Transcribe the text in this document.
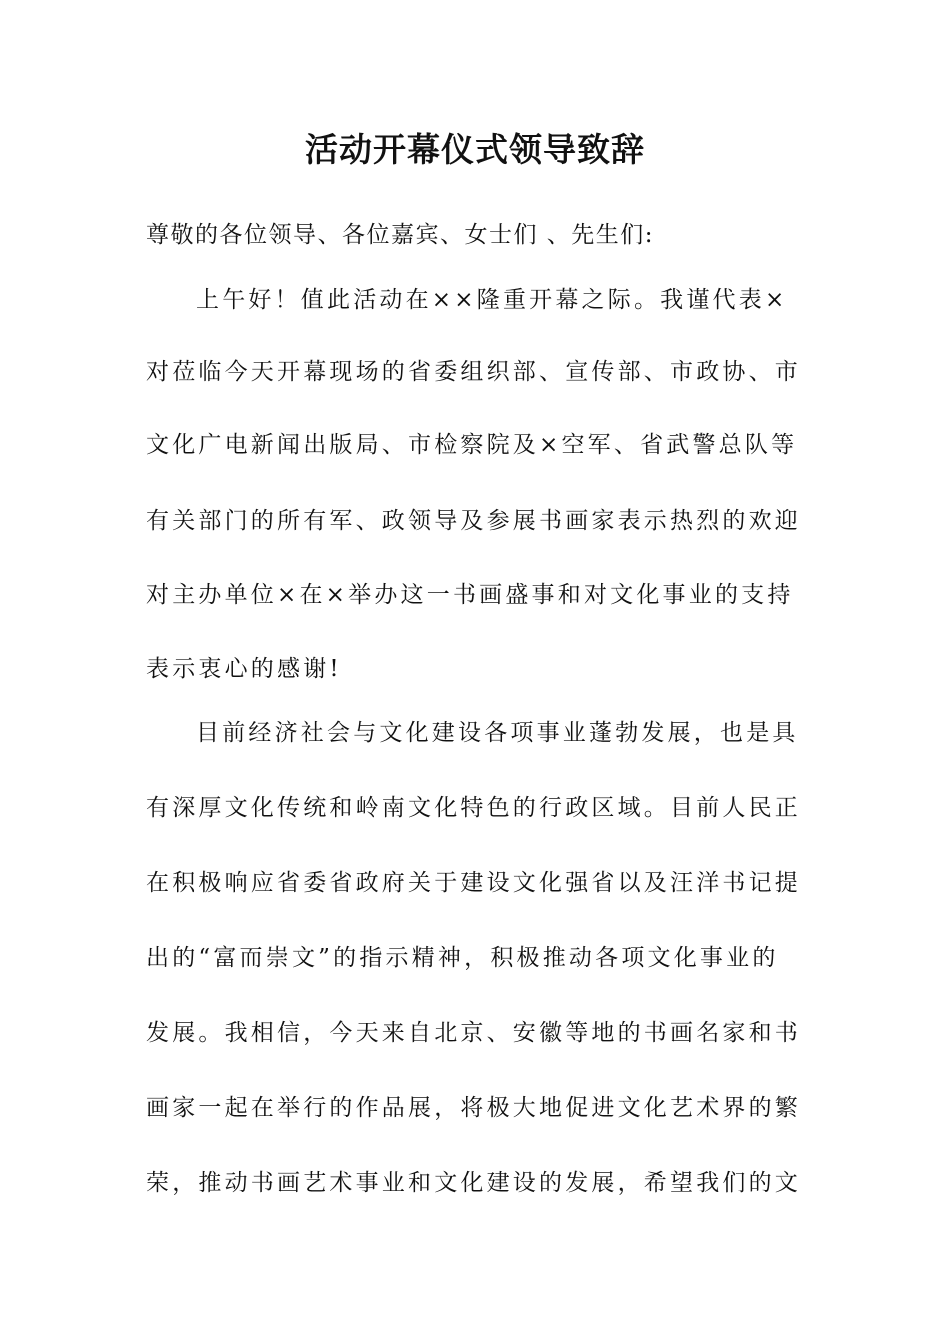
活动开幕仪式领导致辞

尊敬的各位领导、各位嘉宾、女士们 、先生们:

上午好！值此活动在××隆重开幕之际。我谨代表×

对莅临今天开幕现场的省委组织部、宣传部、市政协、市

文化广电新闻出版局、市检察院及×空军、省武警总队等

有关部门的所有军、政领导及参展书画家表示热烈的欢迎

对主办单位×在×举办这一书画盛事和对文化事业的支持

表示衷心的感谢!

目前经济社会与文化建设各项事业蓬勃发展，也是具

有深厚文化传统和岭南文化特色的行政区域。目前人民正

在积极响应省委省政府关于建设文化强省以及汪洋书记提

出的“富而崇文”的指示精神，积极推动各项文化事业的

发展。我相信，今天来自北京、安徽等地的书画名家和书

画家一起在举行的作品展，将极大地促进文化艺术界的繁

荣，推动书画艺术事业和文化建设的发展，希望我们的文
